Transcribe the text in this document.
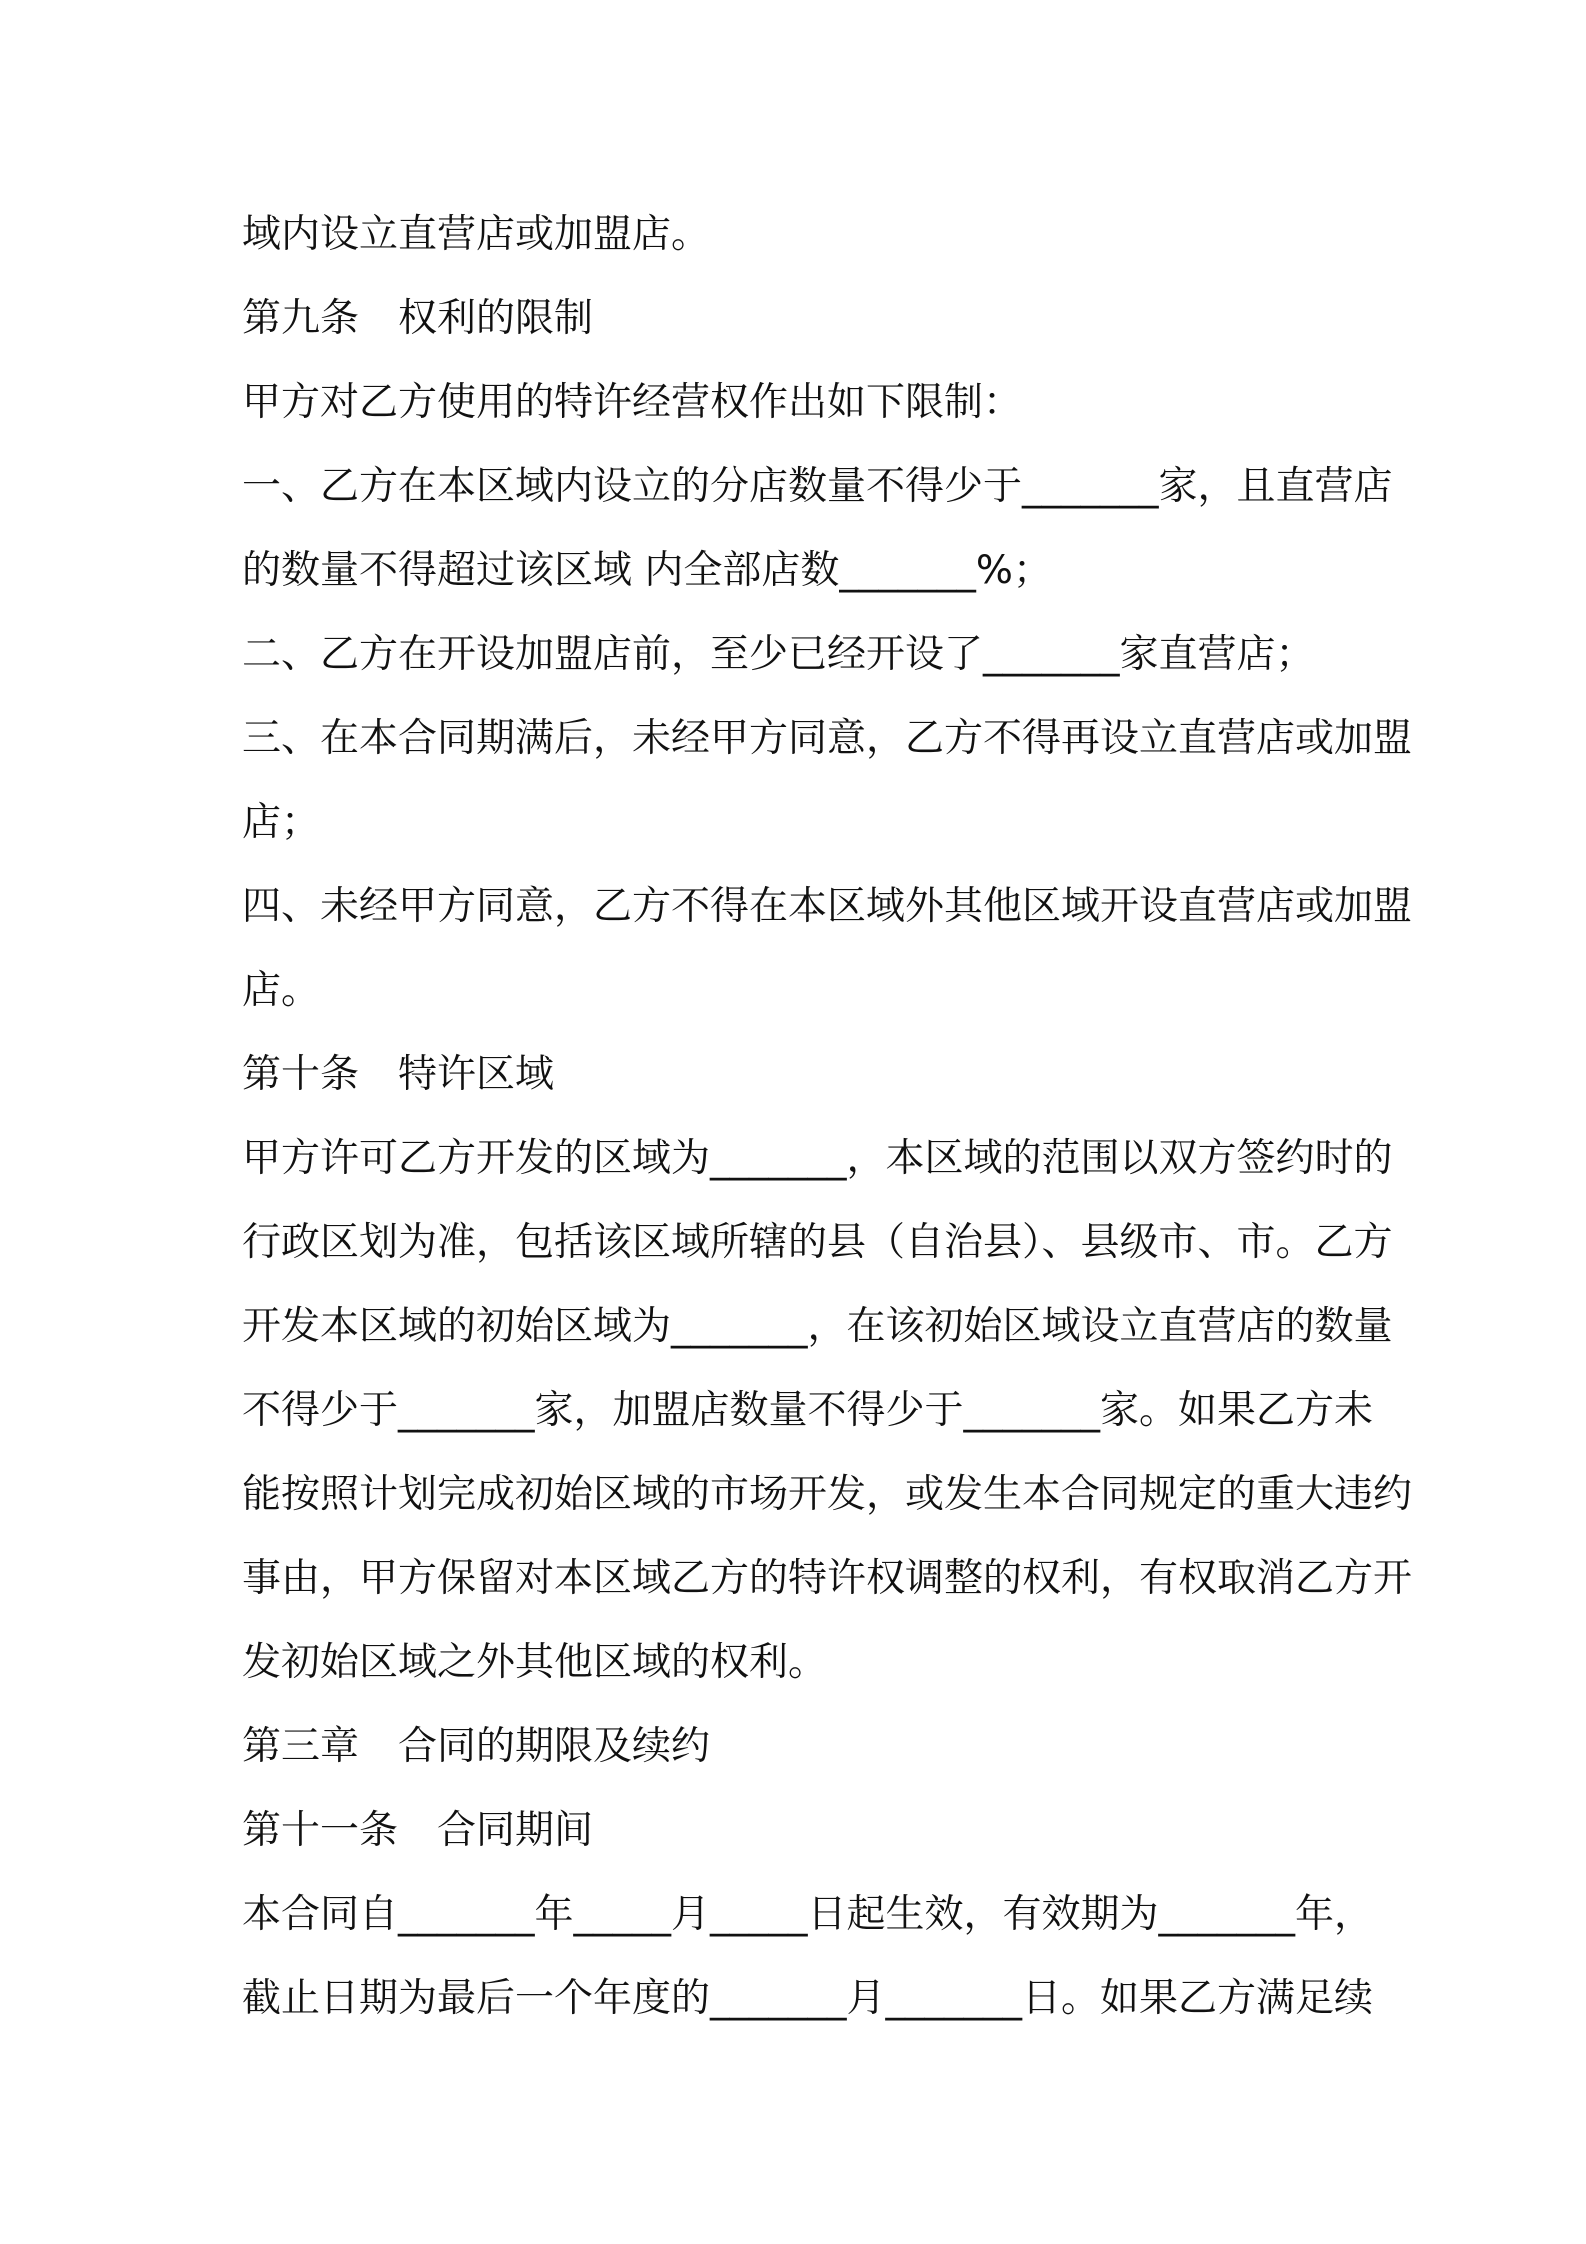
域内设立直营店或加盟店。
第九条　权利的限制
甲方对乙方使用的特许经营权作出如下限制：
一、乙方在本区域内设立的分店数量不得少于_______家，且直营店
的数量不得超过该区域 内全部店数_______%；
二、乙方在开设加盟店前，至少已经开设了_______家直营店；
三、在本合同期满后，未经甲方同意，乙方不得再设立直营店或加盟
店；
四、未经甲方同意，乙方不得在本区域外其他区域开设直营店或加盟
店。
第十条　特许区域
甲方许可乙方开发的区域为_______，本区域的范围以双方签约时的
行政区划为准，包括该区域所辖的县（自治县）、县级市、市。乙方
开发本区域的初始区域为_______，在该初始区域设立直营店的数量
不得少于_______家，加盟店数量不得少于_______家。如果乙方未
能按照计划完成初始区域的市场开发，或发生本合同规定的重大违约
事由，甲方保留对本区域乙方的特许权调整的权利，有权取消乙方开
发初始区域之外其他区域的权利。
第三章　合同的期限及续约
第十一条　合同期间
本合同自_______年_____月_____日起生效，有效期为_______年，
截止日期为最后一个年度的_______月_______日。如果乙方满足续
